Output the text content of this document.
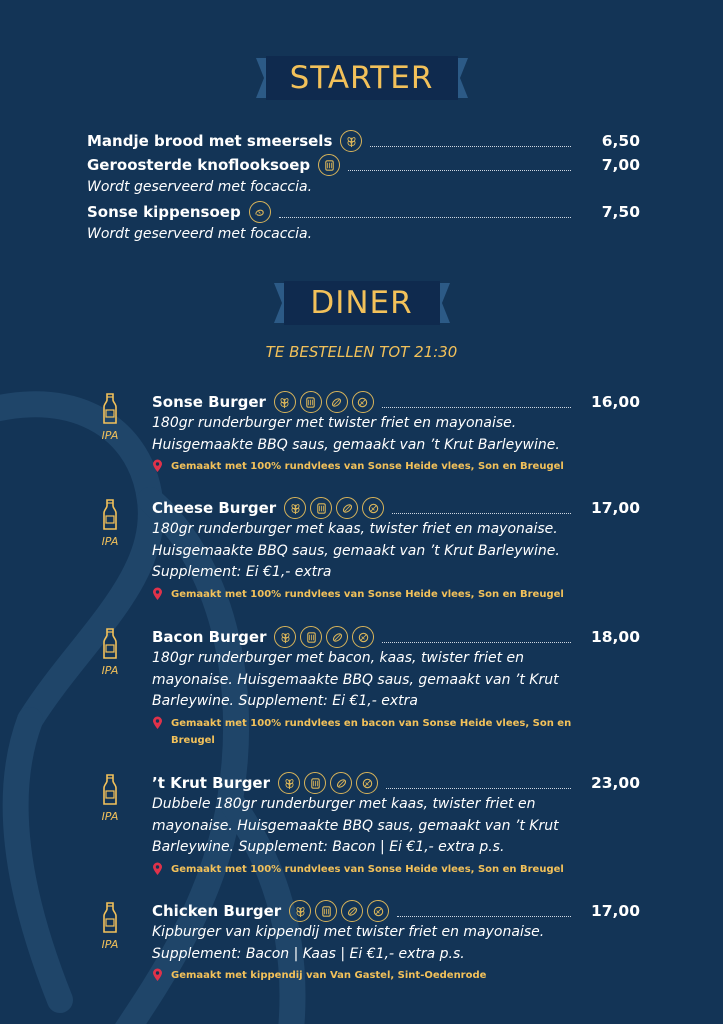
STARTER
Mandje brood met smeersels	6,50
Geroosterde knoflooksoep	7,00
Wordt geserveerd met focaccia.
Sonse kippensoep	7,50
Wordt geserveerd met focaccia.
DINER
TE BESTELLEN TOT 21:30
IPA
Sonse Burger	16,00
180gr runderburger met twister friet en mayonaise.
Huisgemaakte BBQ saus, gemaakt van ’t Krut Barleywine.
Gemaakt met 100% rundvlees van Sonse Heide vlees, Son en Breugel
IPA
Cheese Burger	17,00
180gr runderburger met kaas, twister friet en mayonaise.
Huisgemaakte BBQ saus, gemaakt van ’t Krut Barleywine.
Supplement: Ei €1,- extra
Gemaakt met 100% rundvlees van Sonse Heide vlees, Son en Breugel
IPA
Bacon Burger	18,00
180gr runderburger met bacon, kaas, twister friet en
mayonaise. Huisgemaakte BBQ saus, gemaakt van ’t Krut
Barleywine. Supplement: Ei €1,- extra
Gemaakt met 100% rundvlees en bacon van Sonse Heide vlees, Son en
Breugel
IPA
’t Krut Burger	23,00
Dubbele 180gr runderburger met kaas, twister friet en
mayonaise. Huisgemaakte BBQ saus, gemaakt van ’t Krut
Barleywine. Supplement: Bacon | Ei €1,- extra p.s.
Gemaakt met 100% rundvlees van Sonse Heide vlees, Son en Breugel
IPA
Chicken Burger	17,00
Kipburger van kippendij met twister friet en mayonaise.
Supplement: Bacon | Kaas | Ei €1,- extra p.s.
Gemaakt met kippendij van Van Gastel, Sint-Oedenrode
